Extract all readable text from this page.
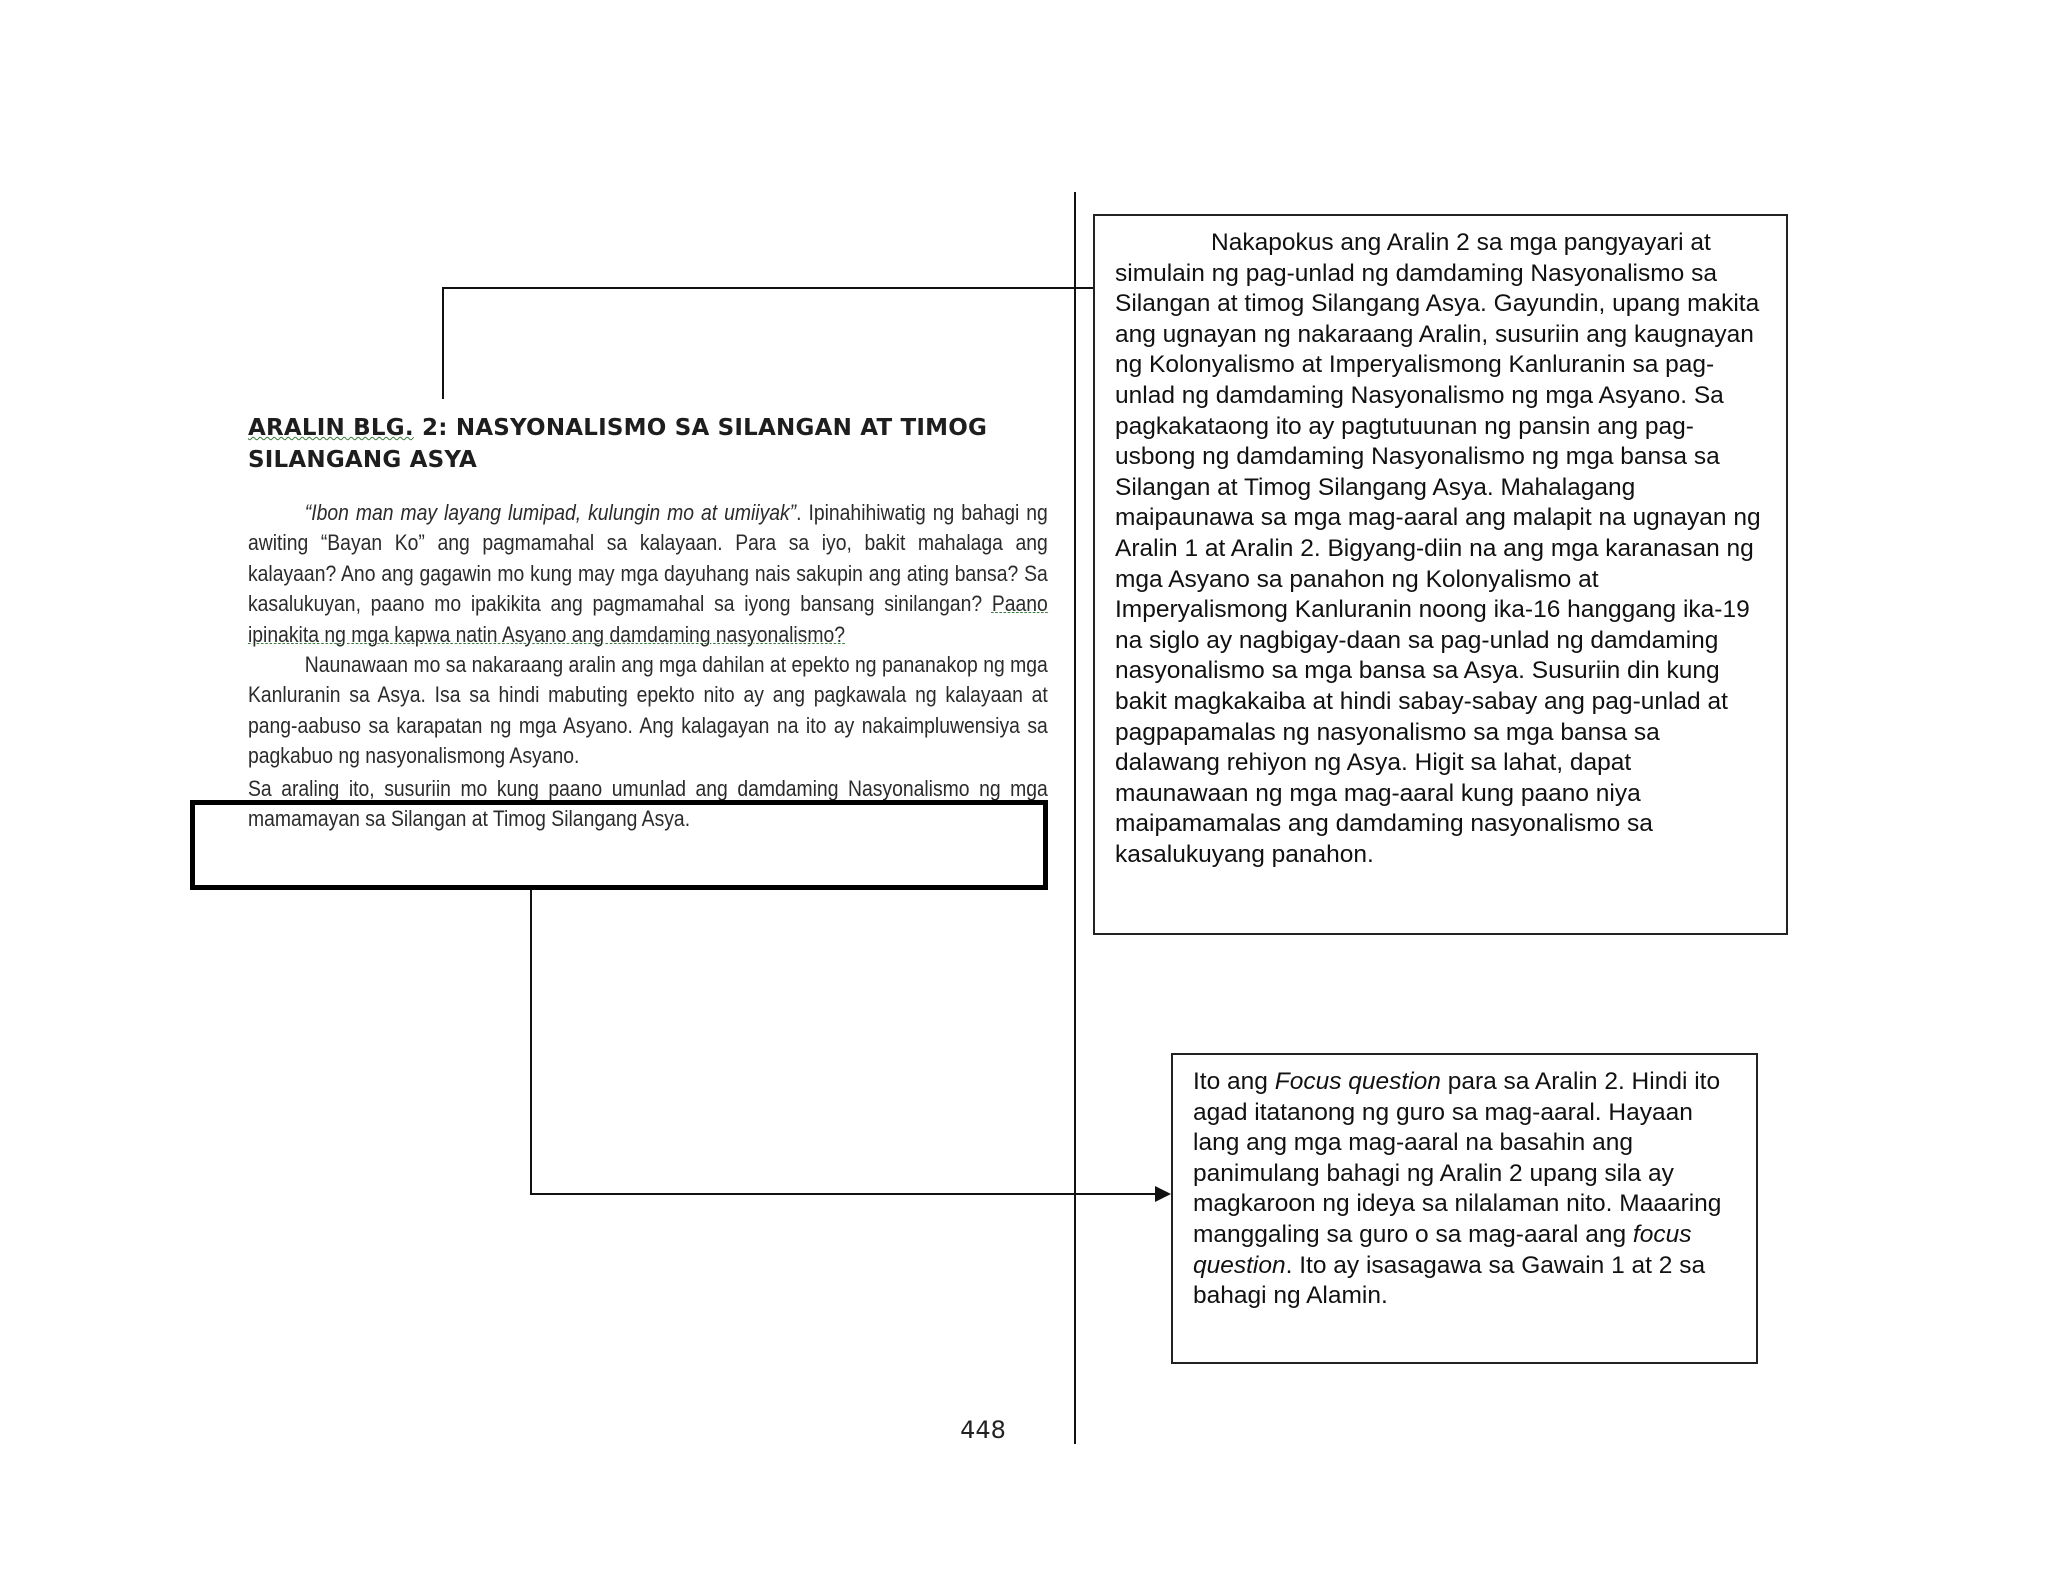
ARALIN BLG. 2: NASYONALISMO SA SILANGAN AT TIMOG SILANGANG ASYA

“Ibon man may layang lumipad, kulungin mo at umiiyak”. Ipinahihiwatig ng bahagi ng awiting “Bayan Ko” ang pagmamahal sa kalayaan. Para sa iyo, bakit mahalaga ang kalayaan? Ano ang gagawin mo kung may mga dayuhang nais sakupin ang ating bansa? Sa kasalukuyan, paano mo ipakikita ang pagmamahal sa iyong bansang sinilangan? Paano ipinakita ng mga kapwa natin Asyano ang damdaming nasyonalismo?

Naunawaan mo sa nakaraang aralin ang mga dahilan at epekto ng pananakop ng mga Kanluranin sa Asya. Isa sa hindi mabuting epekto nito ay ang pagkawala ng kalayaan at pang-aabuso sa karapatan ng mga Asyano. Ang kalagayan na ito ay nakaimpluwensiya sa pagkabuo ng nasyonalismong Asyano.

Sa araling ito, susuriin mo kung paano umunlad ang damdaming Nasyonalismo ng mga mamamayan sa Silangan at Timog Silangang Asya.

Nakapokus ang Aralin 2 sa mga pangyayari at simulain ng pag-unlad ng damdaming Nasyonalismo sa Silangan at timog Silangang Asya. Gayundin, upang makita ang ugnayan ng nakaraang Aralin, susuriin ang kaugnayan ng Kolonyalismo at Imperyalismong Kanluranin sa pag-unlad ng damdaming Nasyonalismo ng mga Asyano. Sa pagkakataong ito ay pagtutuunan ng pansin ang pag-usbong ng damdaming Nasyonalismo ng mga bansa sa Silangan at Timog Silangang Asya. Mahalagang maipaunawa sa mga mag-aaral ang malapit na ugnayan ng Aralin 1 at Aralin 2. Bigyang-diin na ang mga karanasan ng mga Asyano sa panahon ng Kolonyalismo at Imperyalismong Kanluranin noong ika-16 hanggang ika-19 na siglo ay nagbigay-daan sa pag-unlad ng damdaming nasyonalismo sa mga bansa sa Asya. Susuriin din kung bakit magkakaiba at hindi sabay-sabay ang pag-unlad at pagpapamalas ng nasyonalismo sa mga bansa sa dalawang rehiyon ng Asya. Higit sa lahat, dapat maunawaan ng mga mag-aaral kung paano niya maipamamalas ang damdaming nasyonalismo sa kasalukuyang panahon.

Ito ang Focus question para sa Aralin 2. Hindi ito agad itatanong ng guro sa mag-aaral. Hayaan lang ang mga mag-aaral na basahin ang panimulang bahagi ng Aralin 2 upang sila ay magkaroon ng ideya sa nilalaman nito. Maaaring manggaling sa guro o sa mag-aaral ang focus question. Ito ay isasagawa sa Gawain 1 at 2 sa bahagi ng Alamin.

448
